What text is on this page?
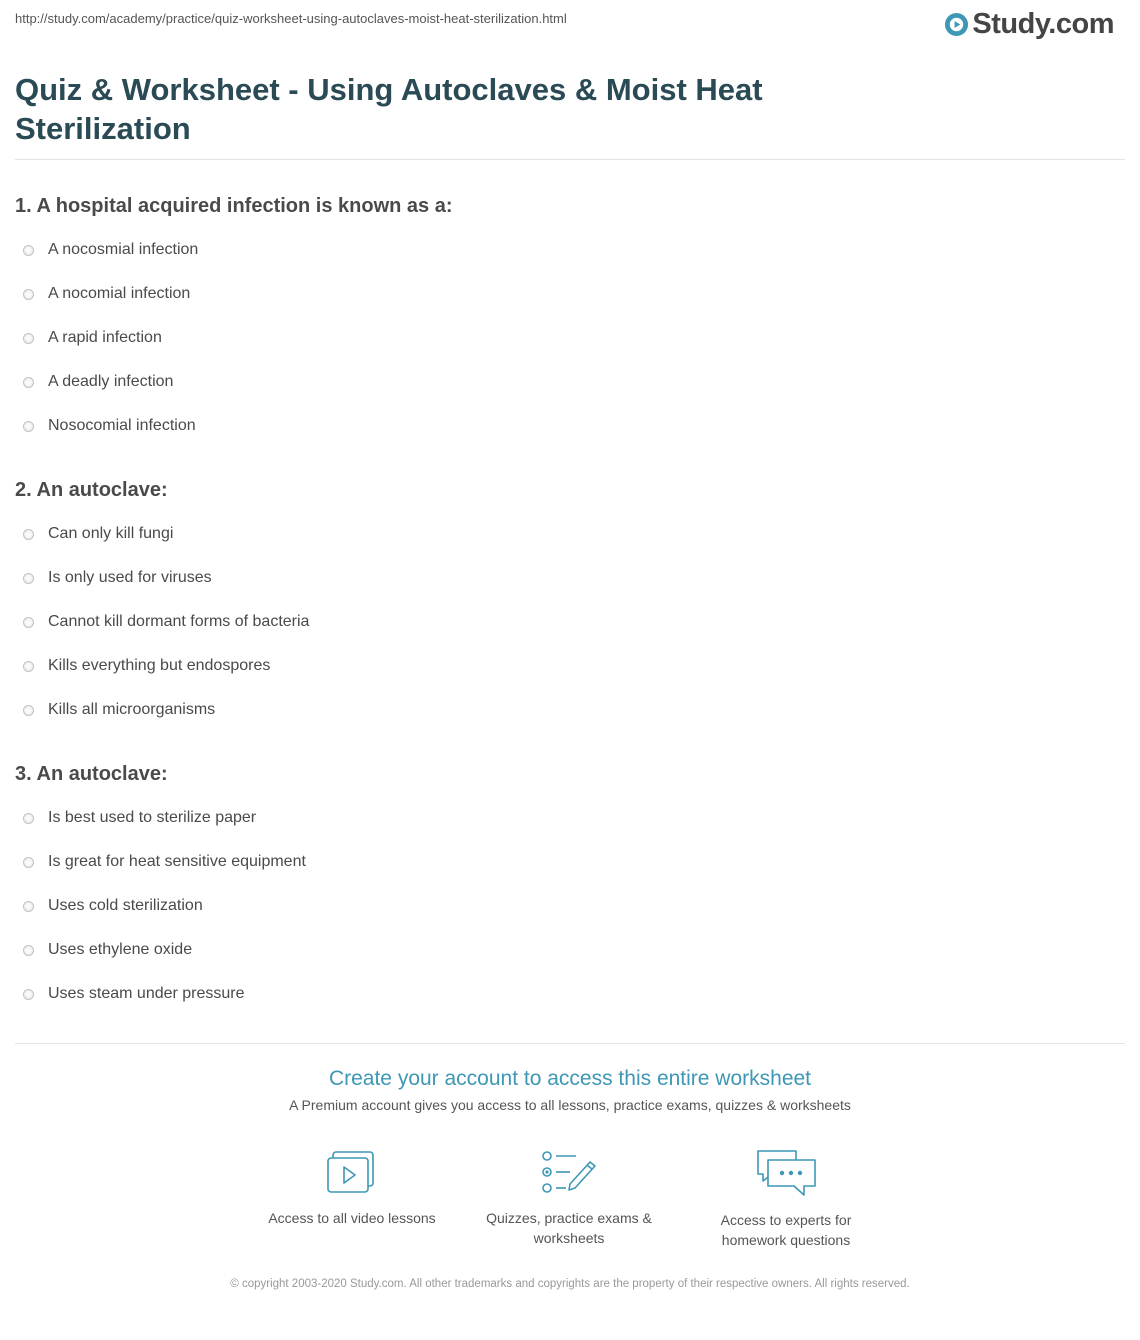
http://study.com/academy/practice/quiz-worksheet-using-autoclaves-moist-heat-sterilization.html	Study.com
Quiz & Worksheet - Using Autoclaves & Moist Heat Sterilization
1. A hospital acquired infection is known as a:
A nocosmial infection
A nocomial infection
A rapid infection
A deadly infection
Nosocomial infection
2. An autoclave:
Can only kill fungi
Is only used for viruses
Cannot kill dormant forms of bacteria
Kills everything but endospores
Kills all microorganisms
3. An autoclave:
Is best used to sterilize paper
Is great for heat sensitive equipment
Uses cold sterilization
Uses ethylene oxide
Uses steam under pressure
Create your account to access this entire worksheet
A Premium account gives you access to all lessons, practice exams, quizzes & worksheets
Access to all video lessons	Quizzes, practice exams & worksheets
Access to experts for homework questions
© copyright 2003-2020 Study.com. All other trademarks and copyrights are the property of their respective owners. All rights reserved.
